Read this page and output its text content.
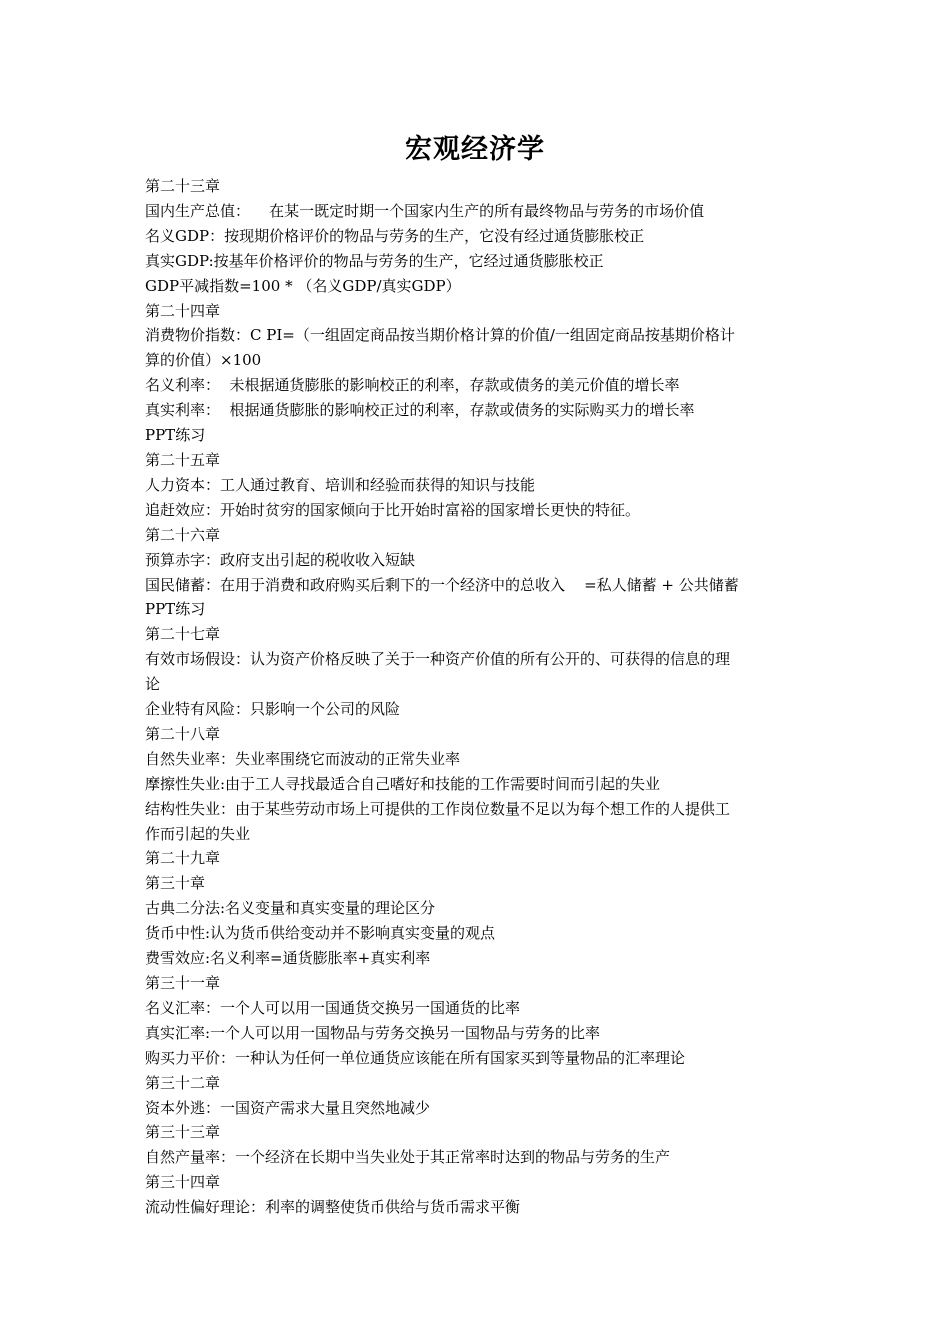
宏观经济学
第二十三章
国内生产总值：    在某一既定时期一个国家内生产的所有最终物品与劳务的市场价值
名义GDP：按现期价格评价的物品与劳务的生产，它没有经过通货膨胀校正
真实GDP:按基年价格评价的物品与劳务的生产，它经过通货膨胀校正
GDP平减指数=100 * （名义GDP/真实GDP）
第二十四章
消费物价指数：C PI=（一组固定商品按当期价格计算的价值/一组固定商品按基期价格计
算的价值）×100
名义利率：  未根据通货膨胀的影响校正的利率，存款或债务的美元价值的增长率
真实利率：  根据通货膨胀的影响校正过的利率，存款或债务的实际购买力的增长率
PPT练习
第二十五章
人力资本：工人通过教育、培训和经验而获得的知识与技能
追赶效应：开始时贫穷的国家倾向于比开始时富裕的国家增长更快的特征。
第二十六章
预算赤字：政府支出引起的税收收入短缺
国民储蓄：在用于消费和政府购买后剩下的一个经济中的总收入    =私人储蓄 + 公共储蓄
PPT练习
第二十七章
有效市场假设：认为资产价格反映了关于一种资产价值的所有公开的、可获得的信息的理
论
企业特有风险：只影响一个公司的风险
第二十八章
自然失业率：失业率围绕它而波动的正常失业率
摩擦性失业:由于工人寻找最适合自己嗜好和技能的工作需要时间而引起的失业
结构性失业：由于某些劳动市场上可提供的工作岗位数量不足以为每个想工作的人提供工
作而引起的失业
第二十九章
第三十章
古典二分法:名义变量和真实变量的理论区分
货币中性:认为货币供给变动并不影响真实变量的观点
费雪效应:名义利率=通货膨胀率+真实利率
第三十一章
名义汇率：一个人可以用一国通货交换另一国通货的比率
真实汇率:一个人可以用一国物品与劳务交换另一国物品与劳务的比率
购买力平价：一种认为任何一单位通货应该能在所有国家买到等量物品的汇率理论
第三十二章
资本外逃：一国资产需求大量且突然地减少
第三十三章
自然产量率：一个经济在长期中当失业处于其正常率时达到的物品与劳务的生产
第三十四章
流动性偏好理论：利率的调整使货币供给与货币需求平衡
